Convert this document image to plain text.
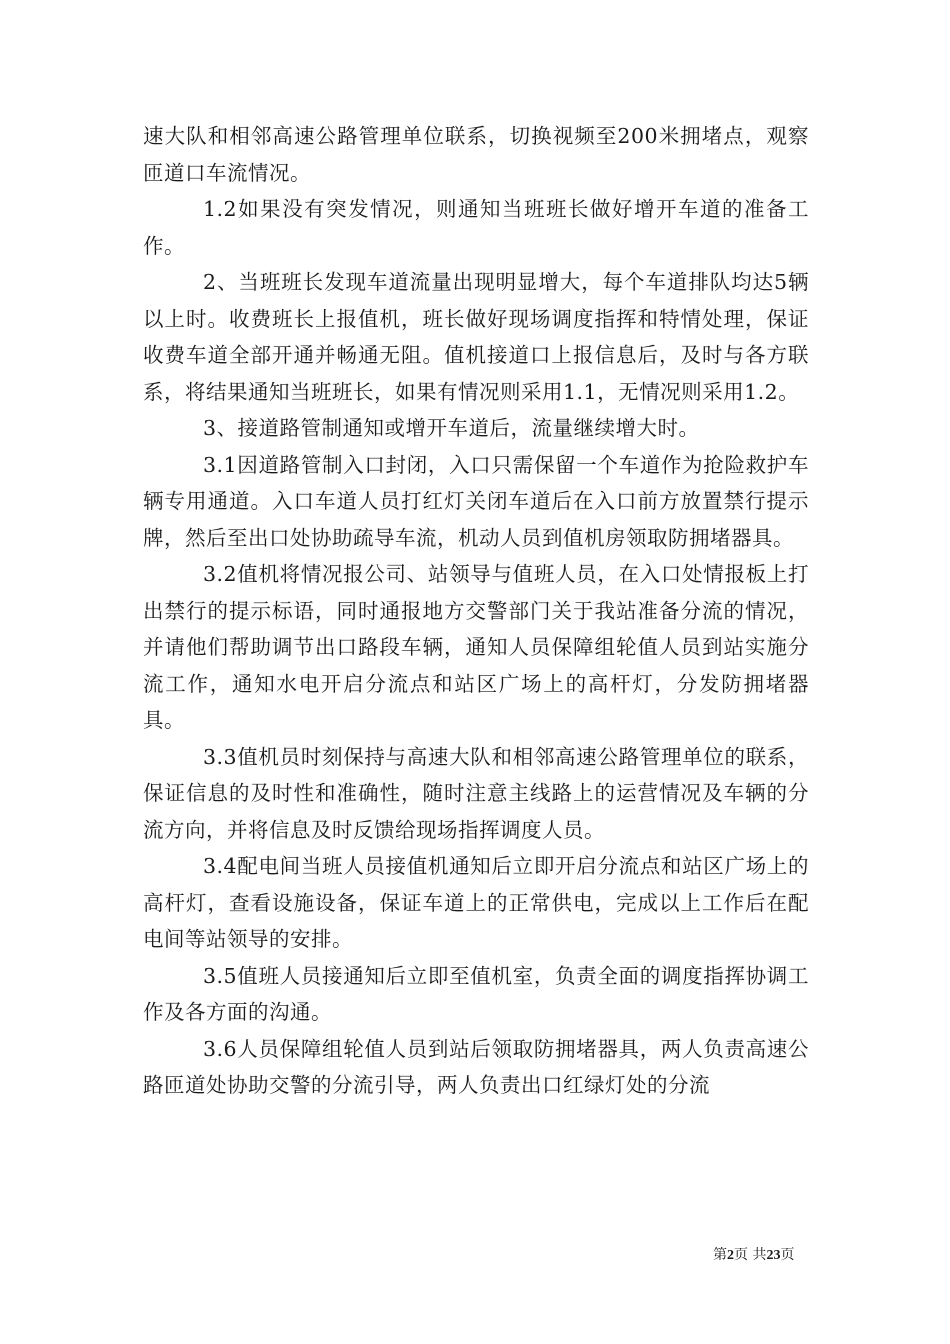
速大队和相邻高速公路管理单位联系，切换视频至200米拥堵点，观察匝道口车流情况。

1.2如果没有突发情况，则通知当班班长做好增开车道的准备工作。

2、当班班长发现车道流量出现明显增大，每个车道排队均达5辆以上时。收费班长上报值机，班长做好现场调度指挥和特情处理，保证收费车道全部开通并畅通无阻。值机接道口上报信息后，及时与各方联系，将结果通知当班班长，如果有情况则采用1.1，无情况则采用1.2。

3、接道路管制通知或增开车道后，流量继续增大时。

3.1因道路管制入口封闭，入口只需保留一个车道作为抢险救护车辆专用通道。入口车道人员打红灯关闭车道后在入口前方放置禁行提示牌，然后至出口处协助疏导车流，机动人员到值机房领取防拥堵器具。

3.2值机将情况报公司、站领导与值班人员，在入口处情报板上打出禁行的提示标语，同时通报地方交警部门关于我站准备分流的情况，并请他们帮助调节出口路段车辆，通知人员保障组轮值人员到站实施分流工作，通知水电开启分流点和站区广场上的高杆灯，分发防拥堵器具。

3.3值机员时刻保持与高速大队和相邻高速公路管理单位的联系，保证信息的及时性和准确性，随时注意主线路上的运营情况及车辆的分流方向，并将信息及时反馈给现场指挥调度人员。

3.4配电间当班人员接值机通知后立即开启分流点和站区广场上的高杆灯，查看设施设备，保证车道上的正常供电，完成以上工作后在配电间等站领导的安排。

3.5值班人员接通知后立即至值机室，负责全面的调度指挥协调工作及各方面的沟通。

3.6人员保障组轮值人员到站后领取防拥堵器具，两人负责高速公路匝道处协助交警的分流引导，两人负责出口红绿灯处的分流

第2页 共23页
